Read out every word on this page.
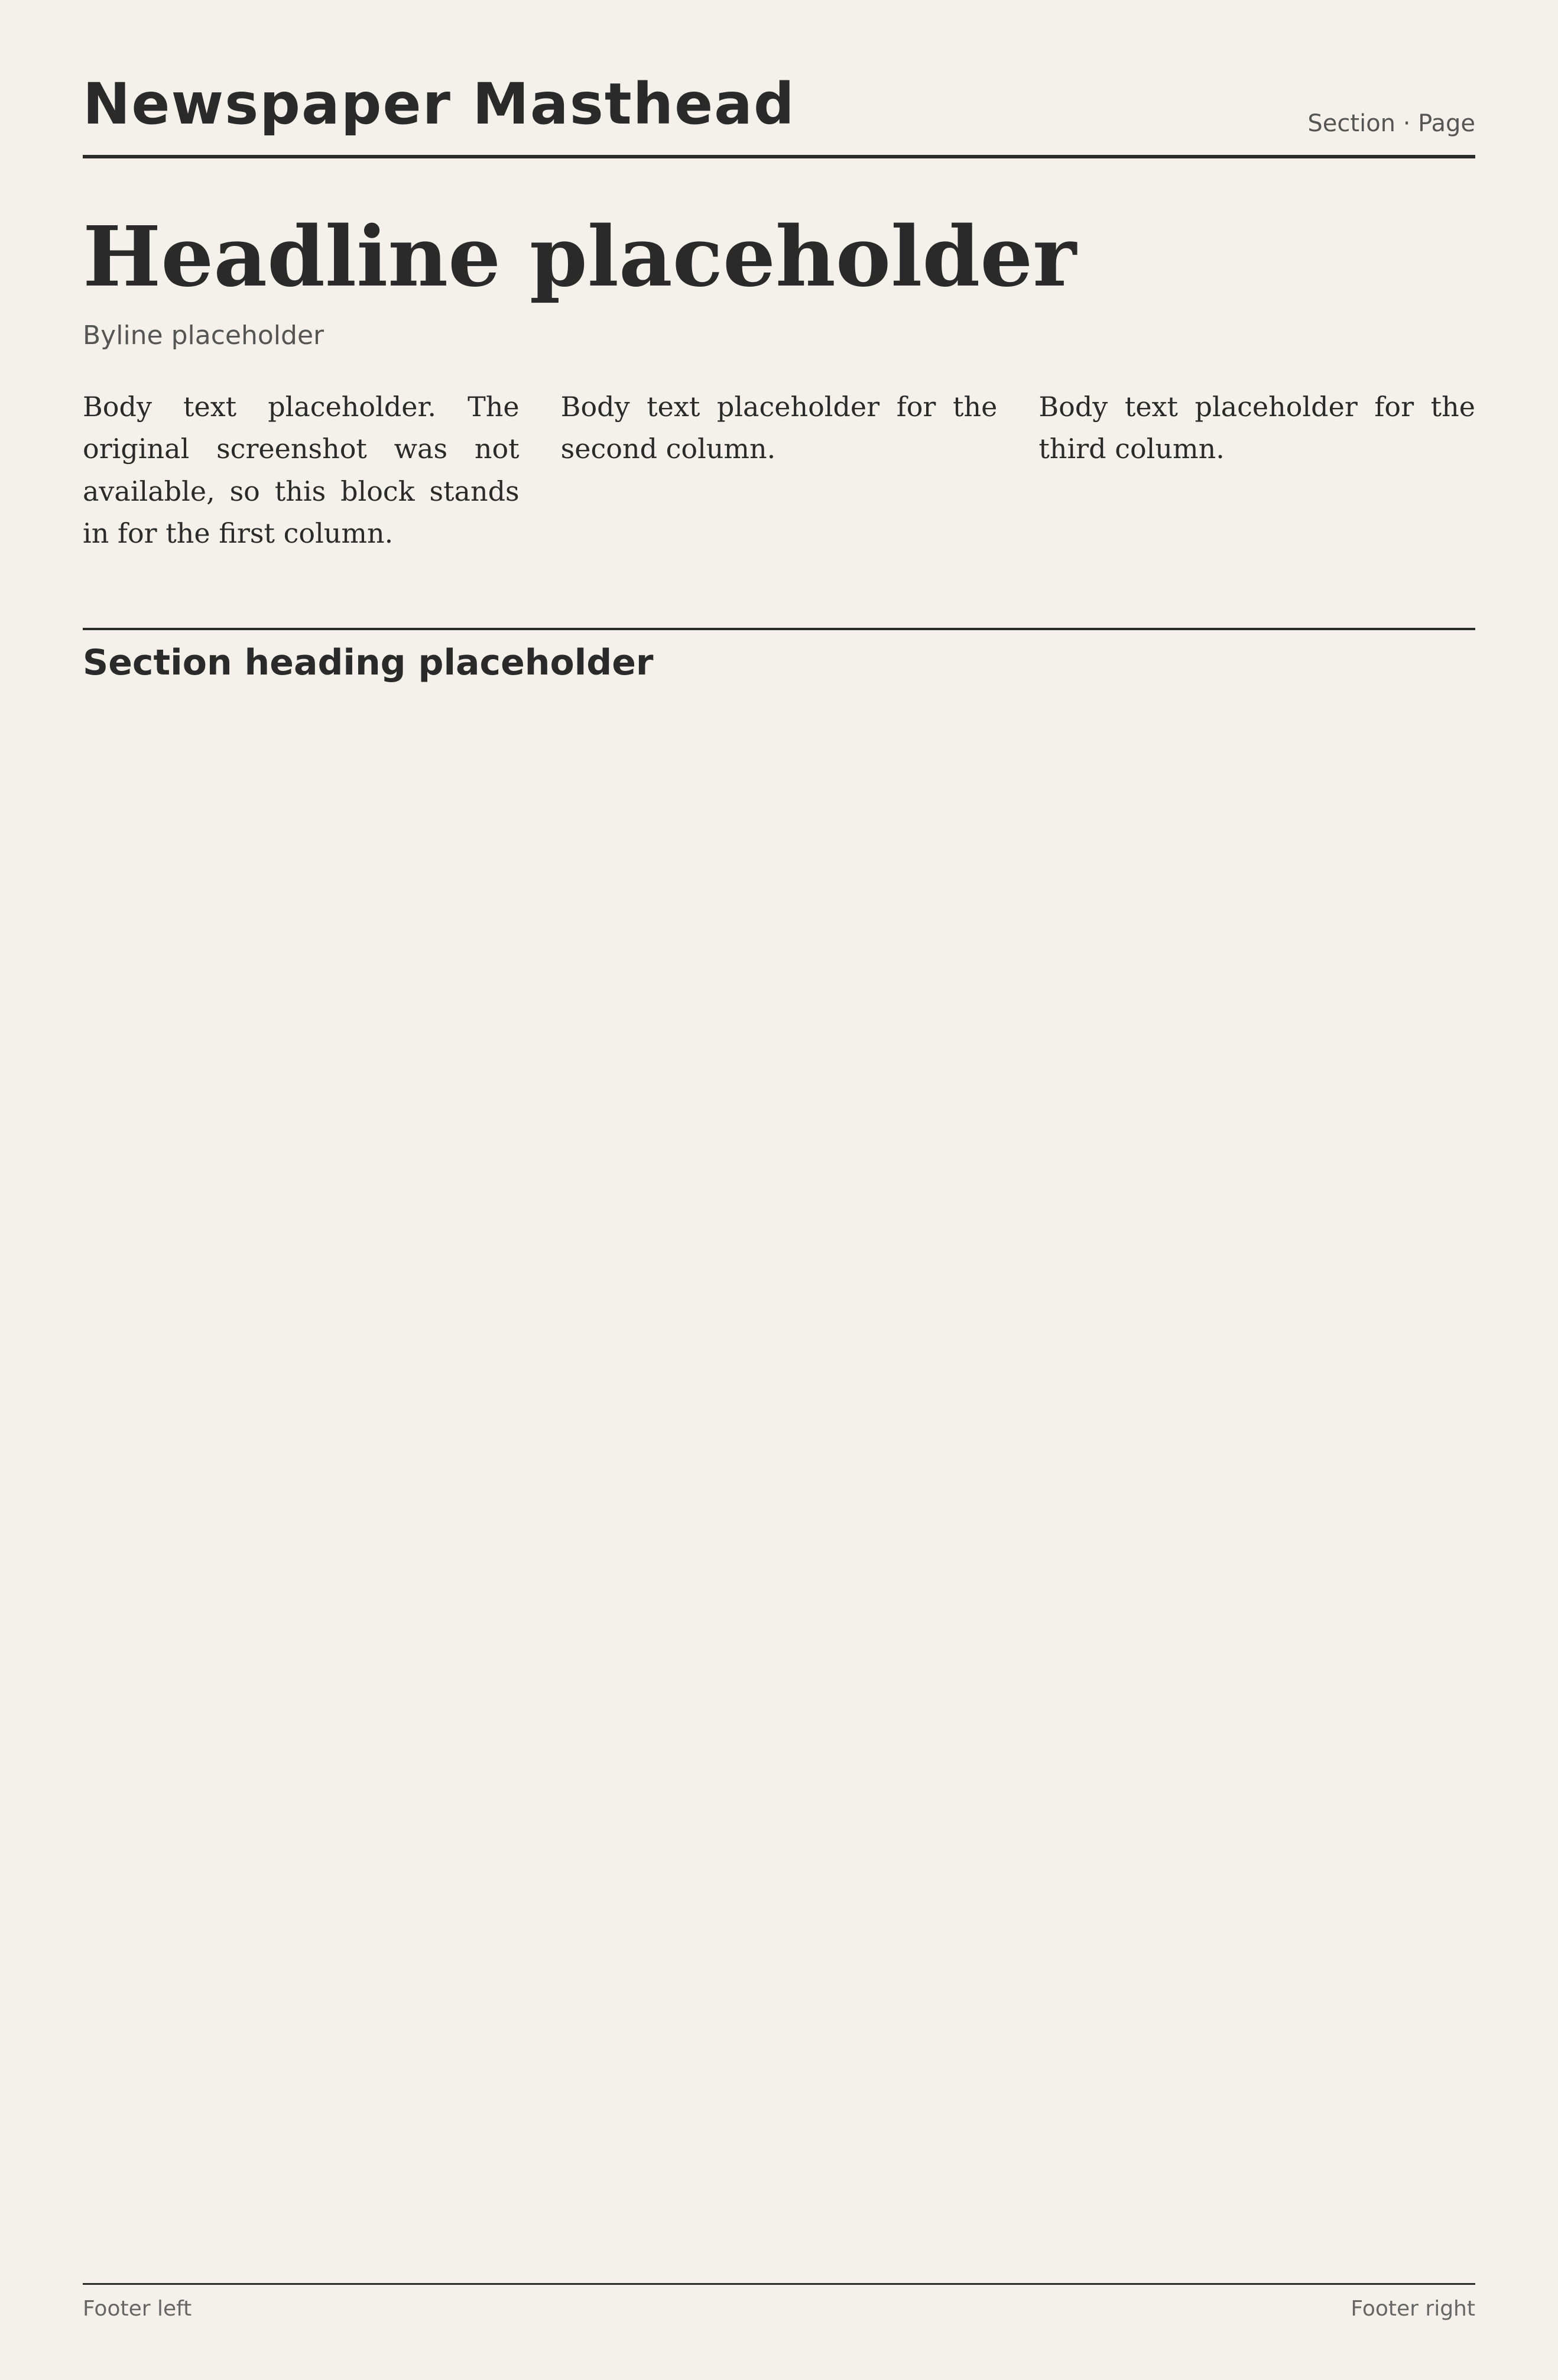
Newspaper Masthead	Section · Page
Headline placeholder
Byline placeholder

Body text placeholder. The original screenshot was not available, so this block stands in for the first column.

Body text placeholder for the second column.

Body text placeholder for the third column.

Section heading placeholder
Footer left	Footer right
